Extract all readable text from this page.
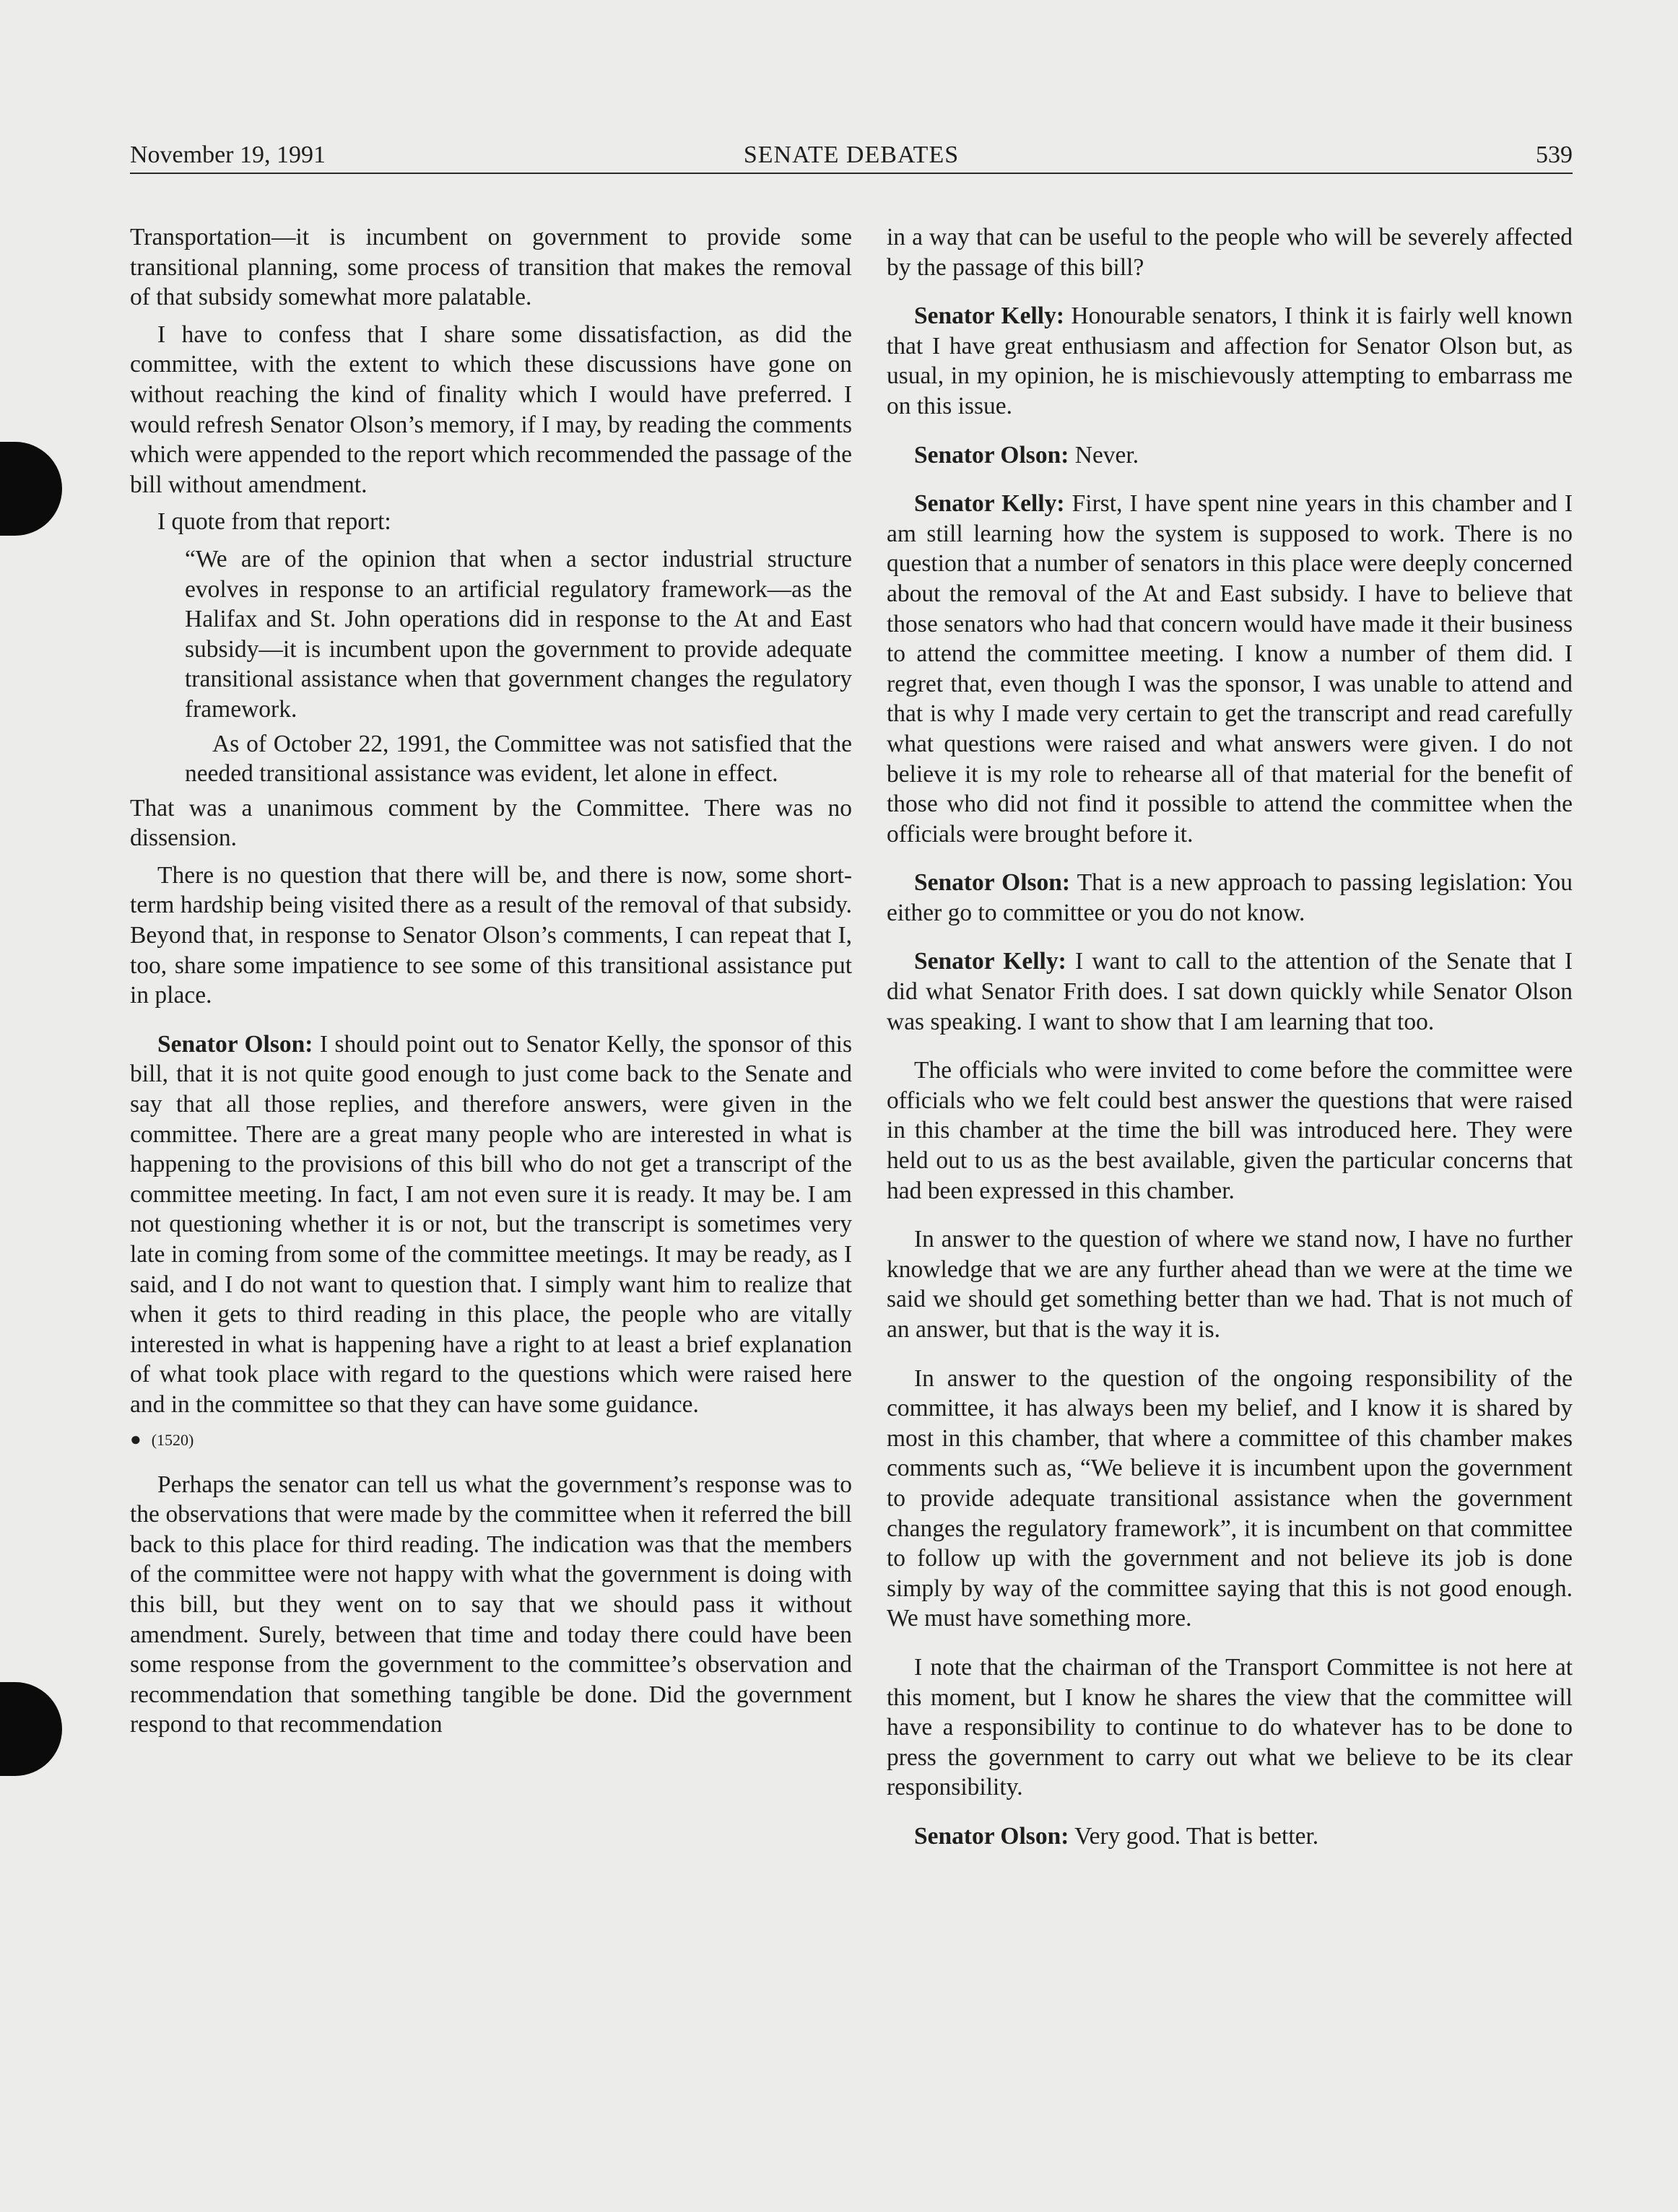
November 19, 1991	SENATE DEBATES	539

Transportation—it is incumbent on government to provide some transitional planning, some process of transition that makes the removal of that subsidy somewhat more palatable.

I have to confess that I share some dissatisfaction, as did the committee, with the extent to which these discussions have gone on without reaching the kind of finality which I would have preferred. I would refresh Senator Olson’s memory, if I may, by reading the comments which were appended to the report which recommended the passage of the bill without amendment.

I quote from that report:

“We are of the opinion that when a sector industrial structure evolves in response to an artificial regulatory framework—as the Halifax and St. John operations did in response to the At and East subsidy—it is incumbent upon the government to provide adequate transitional assistance when that government changes the regulatory framework.

As of October 22, 1991, the Committee was not satisfied that the needed transitional assistance was evident, let alone in effect.

That was a unanimous comment by the Committee. There was no dissension.

There is no question that there will be, and there is now, some short-term hardship being visited there as a result of the removal of that subsidy. Beyond that, in response to Senator Olson’s comments, I can repeat that I, too, share some impatience to see some of this transitional assistance put in place.

Senator Olson: I should point out to Senator Kelly, the sponsor of this bill, that it is not quite good enough to just come back to the Senate and say that all those replies, and therefore answers, were given in the committee. There are a great many people who are interested in what is happening to the provisions of this bill who do not get a transcript of the committee meeting. In fact, I am not even sure it is ready. It may be. I am not questioning whether it is or not, but the transcript is sometimes very late in coming from some of the committee meetings. It may be ready, as I said, and I do not want to question that. I simply want him to realize that when it gets to third reading in this place, the people who are vitally interested in what is happening have a right to at least a brief explanation of what took place with regard to the questions which were raised here and in the committee so that they can have some guidance.

● (1520)

Perhaps the senator can tell us what the government’s response was to the observations that were made by the committee when it referred the bill back to this place for third reading. The indication was that the members of the committee were not happy with what the government is doing with this bill, but they went on to say that we should pass it without amendment. Surely, between that time and today there could have been some response from the government to the committee’s observation and recommendation that something tangible be done. Did the government respond to that recommendation

in a way that can be useful to the people who will be severely affected by the passage of this bill?

Senator Kelly: Honourable senators, I think it is fairly well known that I have great enthusiasm and affection for Senator Olson but, as usual, in my opinion, he is mischievously attempting to embarrass me on this issue.

Senator Olson: Never.

Senator Kelly: First, I have spent nine years in this chamber and I am still learning how the system is supposed to work. There is no question that a number of senators in this place were deeply concerned about the removal of the At and East subsidy. I have to believe that those senators who had that concern would have made it their business to attend the committee meeting. I know a number of them did. I regret that, even though I was the sponsor, I was unable to attend and that is why I made very certain to get the transcript and read carefully what questions were raised and what answers were given. I do not believe it is my role to rehearse all of that material for the benefit of those who did not find it possible to attend the committee when the officials were brought before it.

Senator Olson: That is a new approach to passing legislation: You either go to committee or you do not know.

Senator Kelly: I want to call to the attention of the Senate that I did what Senator Frith does. I sat down quickly while Senator Olson was speaking. I want to show that I am learning that too.

The officials who were invited to come before the committee were officials who we felt could best answer the questions that were raised in this chamber at the time the bill was introduced here. They were held out to us as the best available, given the particular concerns that had been expressed in this chamber.

In answer to the question of where we stand now, I have no further knowledge that we are any further ahead than we were at the time we said we should get something better than we had. That is not much of an answer, but that is the way it is.

In answer to the question of the ongoing responsibility of the committee, it has always been my belief, and I know it is shared by most in this chamber, that where a committee of this chamber makes comments such as, “We believe it is incumbent upon the government to provide adequate transitional assistance when the government changes the regulatory framework”, it is incumbent on that committee to follow up with the government and not believe its job is done simply by way of the committee saying that this is not good enough. We must have something more.

I note that the chairman of the Transport Committee is not here at this moment, but I know he shares the view that the committee will have a responsibility to continue to do whatever has to be done to press the government to carry out what we believe to be its clear responsibility.

Senator Olson: Very good. That is better.
